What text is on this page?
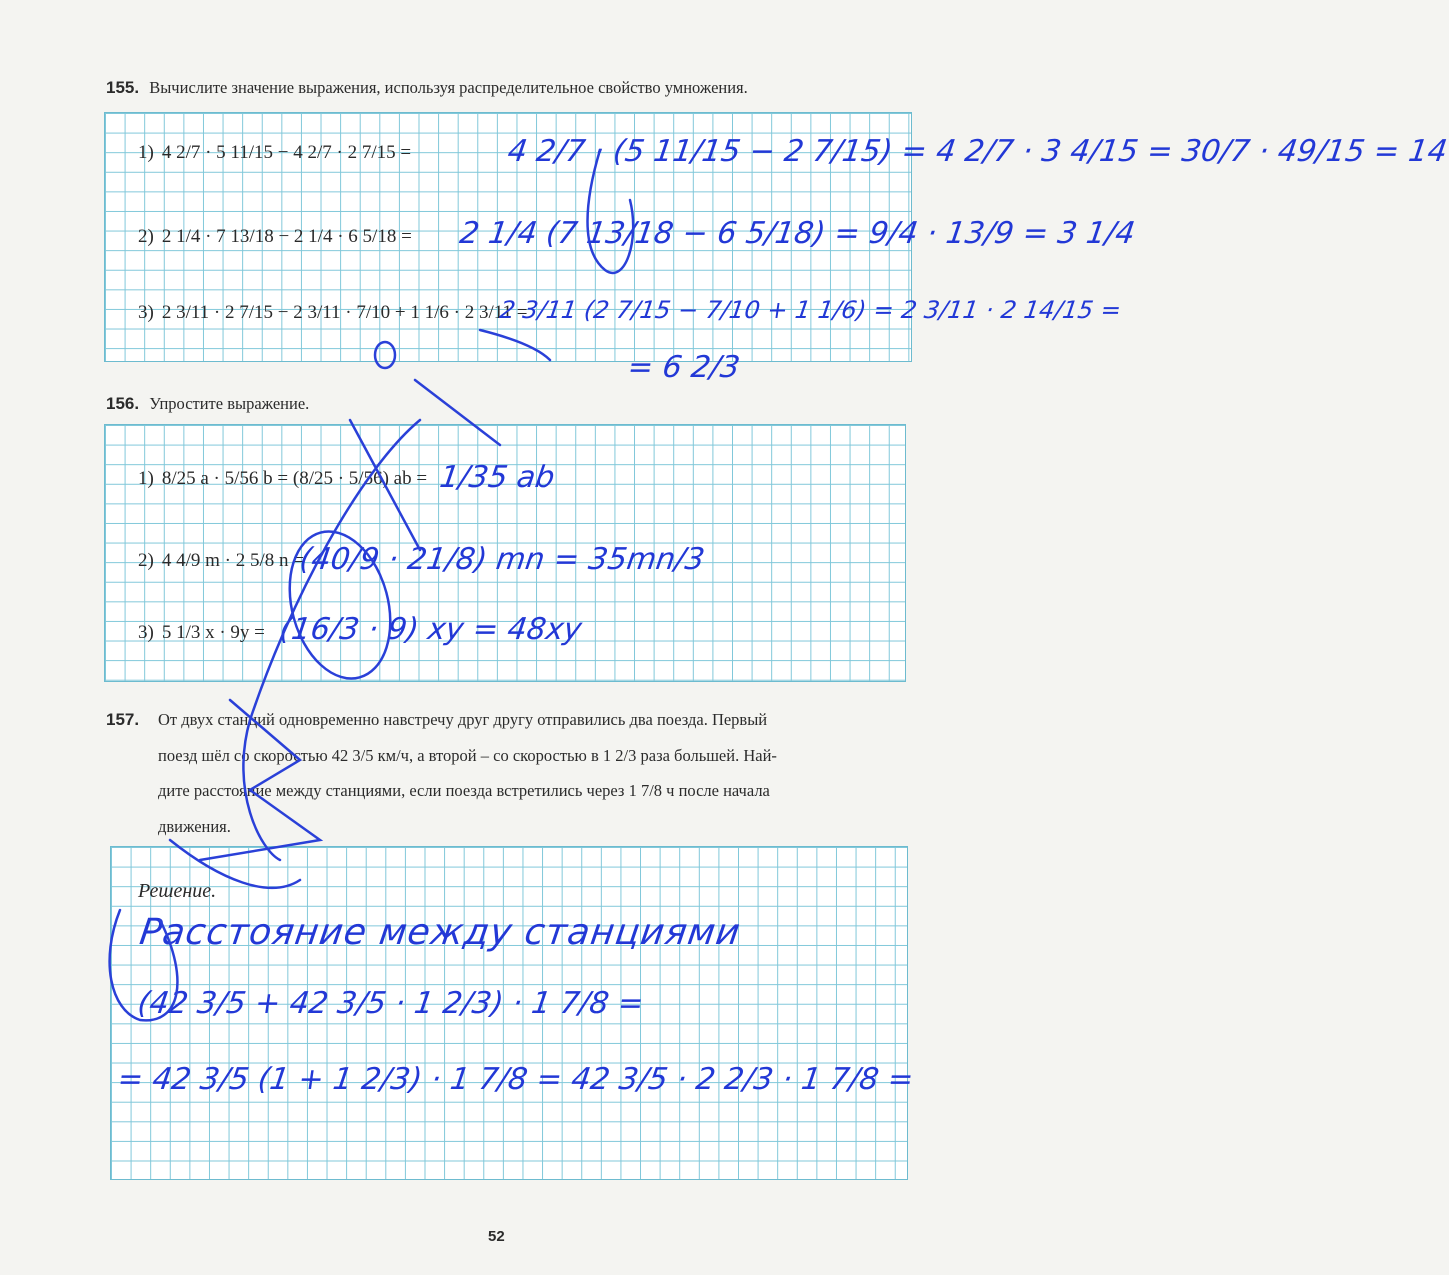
155. Вычислите значение выражения, используя распределительное свойство умножения.
1) 4 2/7 · 5 11/15 − 4 2/7 · 2 7/15 =	4 2/7 · (5 11/15 − 2 7/15) = 4 2/7 · 3 4/15 = 30/7 · 49/15 = 14
2) 2 1/4 · 7 13/18 − 2 1/4 · 6 5/18 = 2 1/4 (7 13/18 − 6 5/18) = 9/4 · 13/9 = 3 1/4
3) 2 3/11 · 2 7/15 − 2 3/11 · 7/10 + 1 1/6 · 2 3/11 =
2 3/11 (2 7/15 − 7/10 + 1 1/6) = 2 3/11 · 2 14/15 =
= 6 2/3
156. Упростите выражение.
1) 8/25 a · 5/56 b = (8/25 · 5/56) ab = 1/35 ab
2) 4 4/9 m · 2 5/8 n =
(40/9 · 21/8) mn = 35mn/3
3) 5 1/3 x · 9y = (16/3 · 9) xy = 48xy
157.	От двух станций одновременно навстречу друг другу отправились два поезда. Первый
поезд шёл со скоростью 42 3/5 км/ч, а второй – со скоростью в 1 2/3 раза большей. Най-
дите расстояние между станциями, если поезда встретились через 1 7/8 ч после начала
движения.
Решение.
Расстояние между станциями
(42 3/5 + 42 3/5 · 1 2/3) · 1 7/8 =
= 42 3/5 (1 + 1 2/3) · 1 7/8 = 42 3/5 · 2 2/3 · 1 7/8 =
52
